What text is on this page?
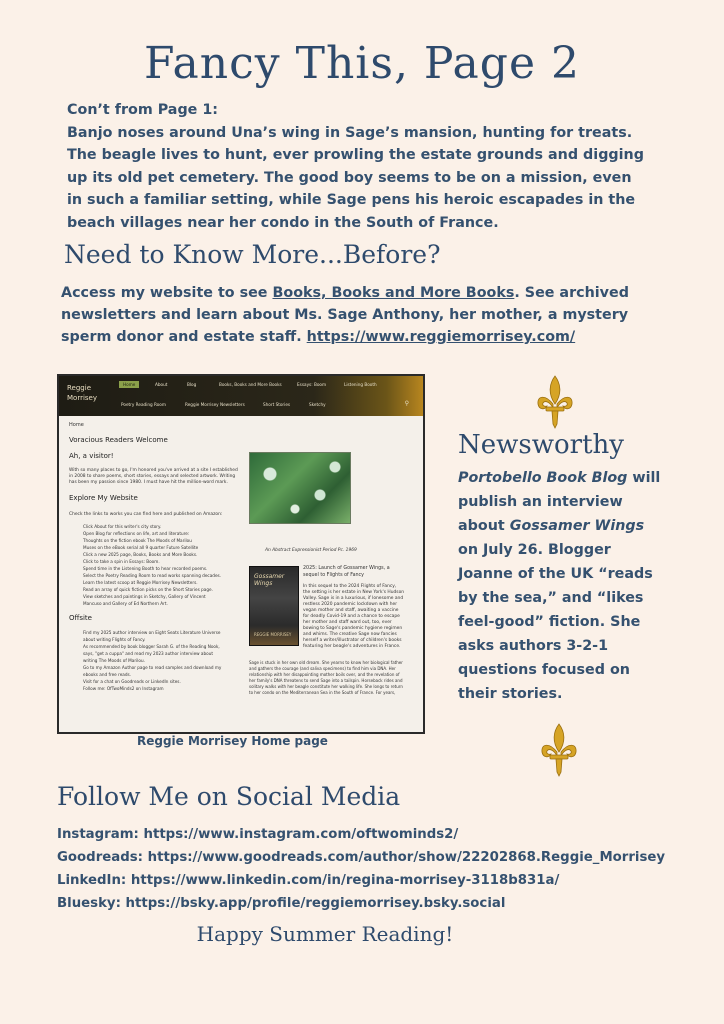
Fancy This, Page 2
Con’t from Page 1:
Banjo noses around Una’s wing in Sage’s mansion, hunting for treats.
The beagle lives to hunt, ever prowling the estate grounds and digging
up its old pet cemetery. The good boy seems to be on a mission, even
in such a familiar setting, while Sage pens his heroic escapades in the
beach villages near her condo in the South of France.
Need to Know More...Before?
Access my website to see Books, Books and More Books. See archived
newsletters and learn about Ms. Sage Anthony, her mother, a mystery
sperm donor and estate staff. https://www.reggiemorrisey.com/
Reggie Morrisey
Home	About	Blog	Books, Books and More Books	Essays: Boom	Listening Booth
Poetry Reading Room	Reggie Morrisey Newsletters	Short Stories	Sketchy	⚲
Home
Voracious Readers Welcome
Ah, a visitor!
With so many places to go, I'm honored you've arrived at a site I established
in 2008 to share poems, short stories, essays and selected artwork. Writing
has been my passion since 1980. I must have hit the million-word mark.
Explore My Website
Check the links to works you can find here and published on Amazon:
Click About for this writer's city story.
Open Blog for reflections on life, art and literature:
Thoughts on the fiction ebook The Moods of Marilou
Muses on the eBook serial all 9 quarter Future Satellite
Click a new 2025 page, Books, Books and More Books.
Click to take a spin in Essays: Boom.
Spend time in the Listening Booth to hear recorded poems.
Select the Poetry Reading Room to read works spanning decades.
Learn the latest scoop at Reggie Morrisey Newsletters.
Read an array of quick fiction picks on the Short Stories page.
View sketches and paintings in Sketchy, Gallery of Vincent
Mancuso and Gallery of Ed Northern Art.
Offsite
Find my 2025 author interview on Eight Seats Literature Universe
about writing Flights of Fancy.
As recommended by book blogger Sarah G. of the Reading Nook,
says, "get a cuppa" and read my 2023 author interview about
writing The Moods of Marilou.
Go to my Amazon Author page to read samples and download my
ebooks and free reads.
Visit for a chat on Goodreads or LinkedIn sites.
Follow me: OfTwoMinds2 on Instagram
An Abstract Expressionist Period Pc. 1969
Gossamer Wings
REGGIE MORRISEY
2025: Launch of Gossamer Wings, a
sequel to Flights of Fancy
In this sequel to the 2024 Flights of Fancy,
the setting is her estate in New York's Hudson
Valley. Sage is in a luxurious, if lonesome and
restless 2020 pandemic lockdown with her
vegan mother and staff, awaiting a vaccine
for deadly Covid-19 and a chance to escape
her mother and staff ward out, too, ever
bowing to Sage's pandemic hygiene regimen
and whims. The creative Sage now fancies
herself a writer/illustrator of children's books
featuring her beagle's adventures in France.
Sage is stuck in her own old dream. She yearns to know her biological father
and gathers the courage (and saliva specimens) to find him via DNA. Her
relationship with her disappointing mother boils over, and the revelation of
her family's DNA threatens to send Sage into a tailspin. Horseback rides and
solitary walks with her beagle constitute her walking life. She longs to return
to her condo on the Mediterranean Sea in the South of France. For years,
Reggie Morrisey Home page
Newsworthy
Portobello Book Blog will
publish an interview
about Gossamer Wings
on July 26. Blogger
Joanne of the UK “reads
by the sea,” and “likes
feel-good” fiction. She
asks authors 3-2-1
questions focused on
their stories.
Follow Me on Social Media
Instagram: https://www.instagram.com/oftwominds2/
Goodreads: https://www.goodreads.com/author/show/22202868.Reggie_Morrisey
LinkedIn: https://www.linkedin.com/in/regina-morrisey-3118b831a/
Bluesky: https://bsky.app/profile/reggiemorrisey.bsky.social
Happy Summer Reading!
